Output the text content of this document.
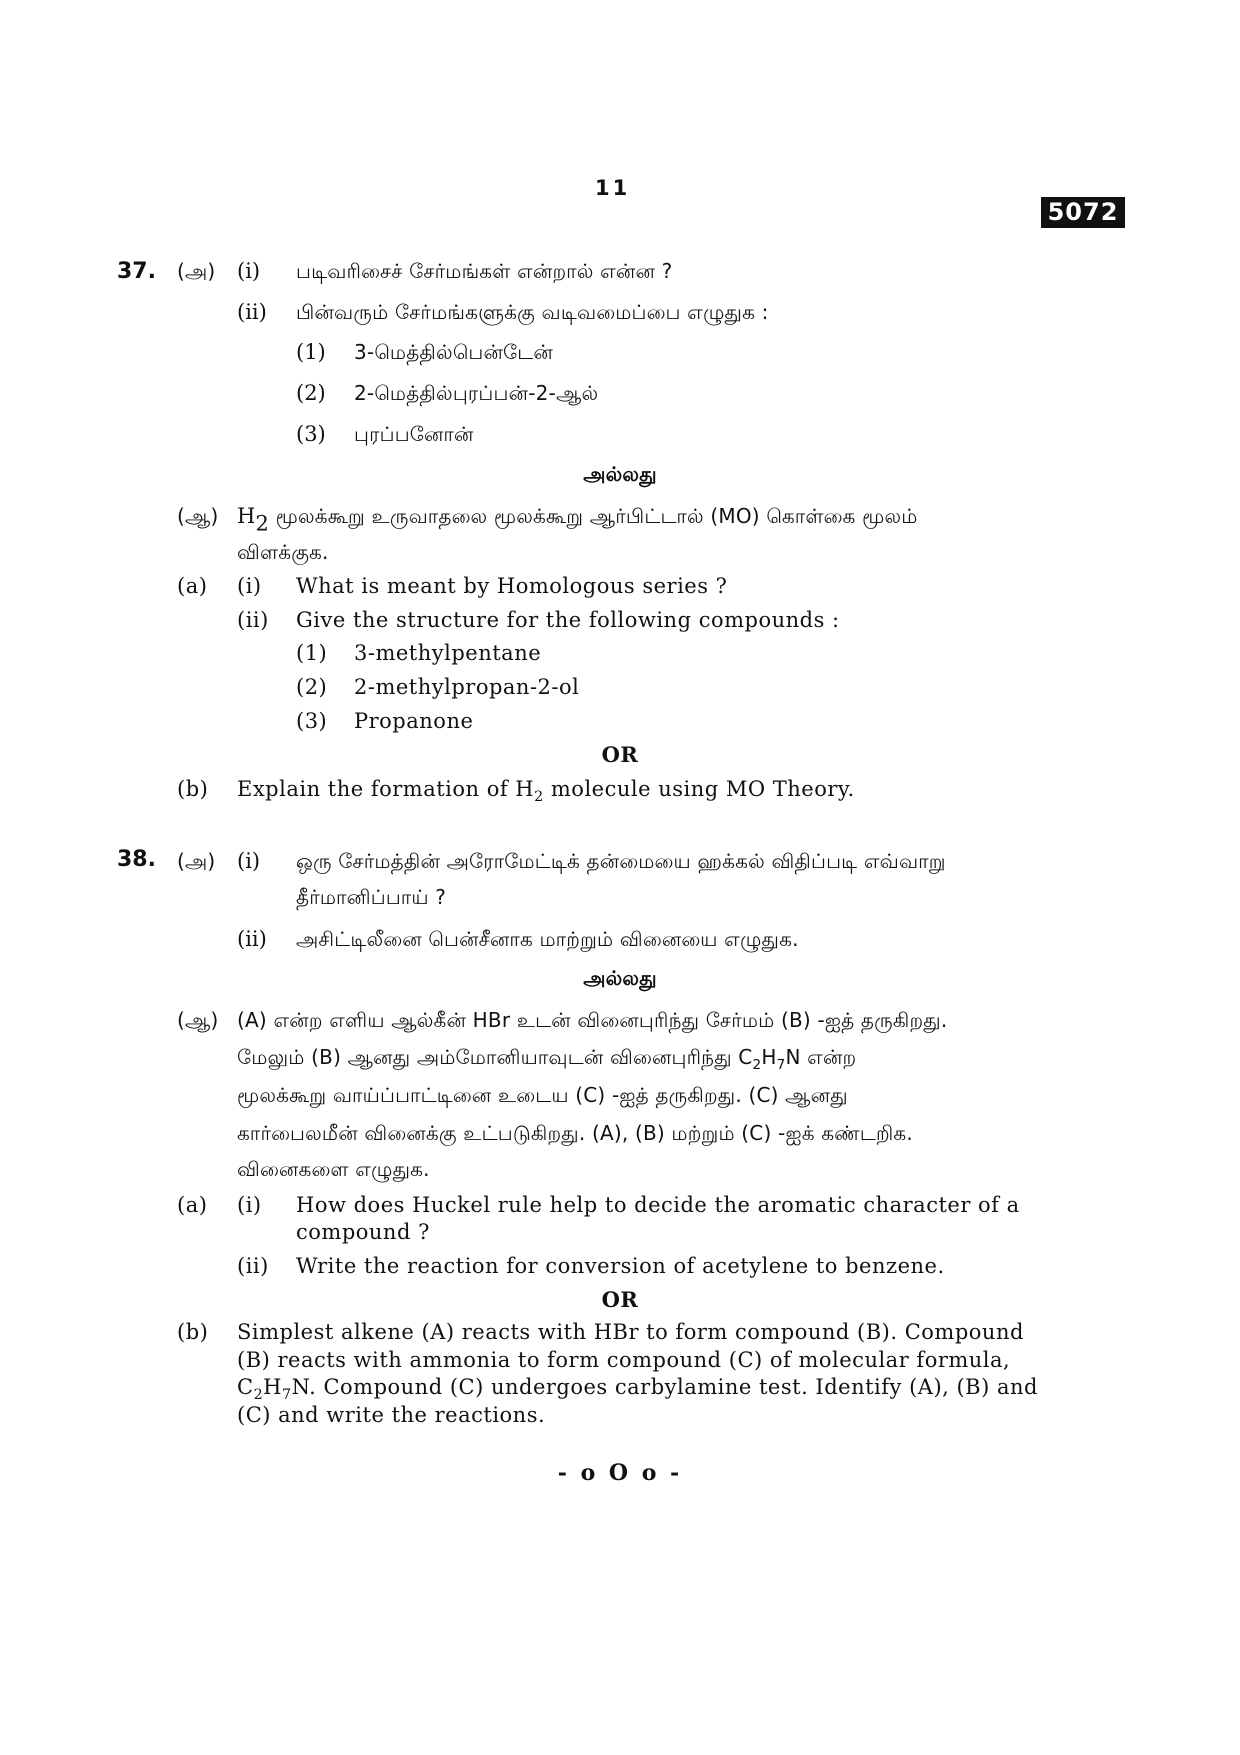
11
5072
37. (அ) (i) படிவரிசைச் சேர்மங்கள் என்றால் என்ன ?
(ii) பின்வரும் சேர்மங்களுக்கு வடிவமைப்பை எழுதுக :
(1) 3-மெத்தில்பென்டேன்
(2) 2-மெத்தில்புரப்பன்-2-ஆல்
(3) புரப்பனோன்
அல்லது
(ஆ) $H_2$ மூலக்கூறு உருவாதலை மூலக்கூறு ஆர்பிட்டால் (MO) கொள்கை மூலம்
விளக்குக.
(a) (i) What is meant by Homologous series ?
(ii) Give the structure for the following compounds :
(1) 3-methylpentane
(2) 2-methylpropan-2-ol
(3) Propanone
OR
(b) Explain the formation of $H_2$ molecule using MO Theory.
38. (அ) (i) ஒரு சேர்மத்தின் அரோமேட்டிக் தன்மையை ஹக்கல் விதிப்படி எவ்வாறு
தீர்மானிப்பாய் ?
(ii) அசிட்டிலீனை பென்சீனாக மாற்றும் வினையை எழுதுக.
அல்லது
(ஆ) (A) என்ற எளிய ஆல்கீன் HBr உடன் வினைபுரிந்து சேர்மம் (B) -ஐத் தருகிறது.
மேலும் (B) ஆனது அம்மோனியாவுடன் வினைபுரிந்து $C_2H_7N$ என்ற
மூலக்கூறு வாய்ப்பாட்டினை உடைய (C) -ஐத் தருகிறது. (C) ஆனது
கார்பைலமீன் வினைக்கு உட்படுகிறது. (A), (B) மற்றும் (C) -ஐக் கண்டறிக.
வினைகளை எழுதுக.
(a) (i) How does Huckel rule help to decide the aromatic character of a
compound ?
(ii) Write the reaction for conversion of acetylene to benzene.
OR
(b) Simplest alkene (A) reacts with HBr to form compound (B). Compound
(B) reacts with ammonia to form compound (C) of molecular formula,
$C_2H_7N$. Compound (C) undergoes carbylamine test. Identify (A), (B) and
(C) and write the reactions.
- o O o -
